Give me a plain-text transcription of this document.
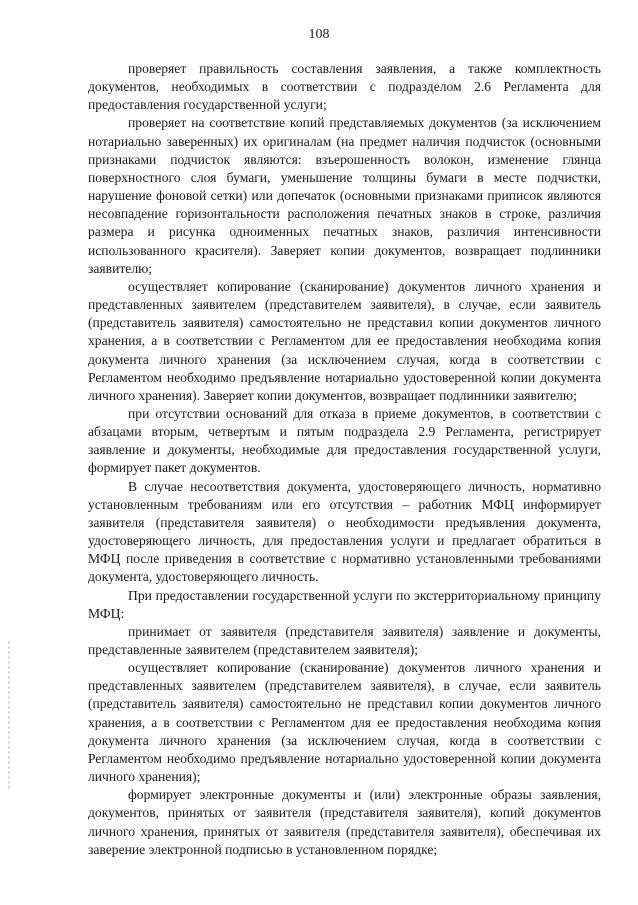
108

проверяет правильность составления заявления, а также комплектность документов, необходимых в соответствии с подразделом 2.6 Регламента для предоставления государственной услуги;

проверяет на соответствие копий представляемых документов (за исключением нотариально заверенных) их оригиналам (на предмет наличия подчисток (основными признаками подчисток являются: взъерошенность волокон, изменение глянца поверхностного слоя бумаги, уменьшение толщины бумаги в месте подчистки, нарушение фоновой сетки) или допечаток (основными признаками приписок являются несовпадение горизонтальности расположения печатных знаков в строке, различия размера и рисунка одноименных печатных знаков, различия интенсивности использованного красителя). Заверяет копии документов, возвращает подлинники заявителю;

осуществляет копирование (сканирование) документов личного хранения и представленных заявителем (представителем заявителя), в случае, если заявитель (представитель заявителя) самостоятельно не представил копии документов личного хранения, а в соответствии с Регламентом для ее предоставления необходима копия документа личного хранения (за исключением случая, когда в соответствии с Регламентом необходимо предъявление нотариально удостоверенной копии документа личного хранения). Заверяет копии документов, возвращает подлинники заявителю;

при отсутствии оснований для отказа в приеме документов, в соответствии с абзацами вторым, четвертым и пятым подраздела 2.9 Регламента, регистрирует заявление и документы, необходимые для предоставления государственной услуги, формирует пакет документов.

В случае несоответствия документа, удостоверяющего личность, нормативно установленным требованиям или его отсутствия – работник МФЦ информирует заявителя (представителя заявителя) о необходимости предъявления документа, удостоверяющего личность, для предоставления услуги и предлагает обратиться в МФЦ после приведения в соответствие с нормативно установленными требованиями документа, удостоверяющего личность.

При предоставлении государственной услуги по экстерриториальному принципу МФЦ:

принимает от заявителя (представителя заявителя) заявление и документы, представленные заявителем (представителем заявителя);

осуществляет копирование (сканирование) документов личного хранения и представленных заявителем (представителем заявителя), в случае, если заявитель (представитель заявителя) самостоятельно не представил копии документов личного хранения, а в соответствии с Регламентом для ее предоставления необходима копия документа личного хранения (за исключением случая, когда в соответствии с Регламентом необходимо предъявление нотариально удостоверенной копии документа личного хранения);

формирует электронные документы и (или) электронные образы заявления, документов, принятых от заявителя (представителя заявителя), копий документов личного хранения, принятых от заявителя (представителя заявителя), обеспечивая их заверение электронной подписью в установленном порядке;
